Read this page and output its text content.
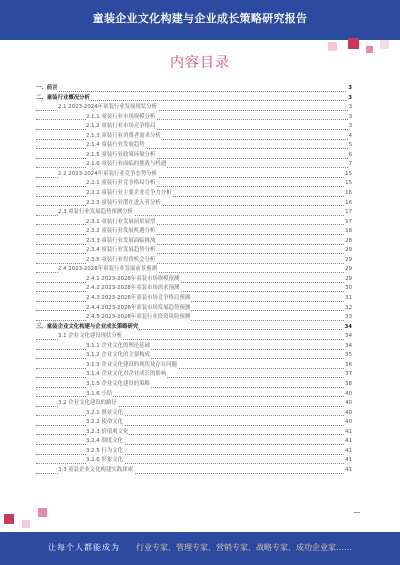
童装企业文化构建与企业成长策略研究报告
内容目录
一、前言	3
二、童装行业概况分析	3
2.1 2023-2024年童装行业发展现状分析	3
2.1.1 童装行业市场规模分析	3
2.1.2 童装行业市场竞争格局	3
2.1.3 童装行业消费者需求分析	4
2.1.4 童装行业发展趋势	5
2.1.5 童装行业政策环境分析	6
2.1.6 童装行业面临的挑战与机遇	7
2.2 2023-2024年童装行业竞争态势分析	15
2.2.1 童装行业竞争格局分析	15
2.2.2 童装行业主要企业竞争力分析	16
2.2.3 童装行业潜在进入者分析	16
2.3 童装行业发展趋势预测分析	17
2.3.1 童装行业发展前景展望	17
2.3.2 童装行业发展机遇分析	18
2.3.3 童装行业发展面临挑战	28
2.3.4 童装行业发展趋势分析	29
2.3.5 童装行业投资机会分析	29
2.4 2023-2028年童装行业发展前景预测	29
2.4.1 2023-2028年童装市场规模预测	29
2.4.2 2023-2028年童装市场需求预测	30
2.4.3 2023-2028年童装市场竞争格局预测	31
2.4.4 2023-2028年童装市场发展趋势预测	32
2.4.5 2023-2028年童装行业投资风险预测	33
三、童装企业文化构建与企业成长策略研究	34
3.1 企业文化建设现状分析	34
3.1.1 企业文化的理论基础	34
3.1.2 企业文化的主要构成	35
3.1.3 企业文化建设的现状及存在问题	36
3.1.4 企业文化对企业成长的影响	37
3.1.5 企业文化建设的策略	38
3.1.6 小结	40
3.2 企业文化建设的路径	40
3.2.1 愿景文化	40
3.2.2 使命文化	40
3.2.3 价值观文化	41
3.2.4 制度文化	41
3.2.5 行为文化	41
3.2.6 形象文化	41
3.3 童装企业文化构建实践探索	41
让每个人都能成为 行业专家、管理专家、营销专家、战略专家、成功企业家……
